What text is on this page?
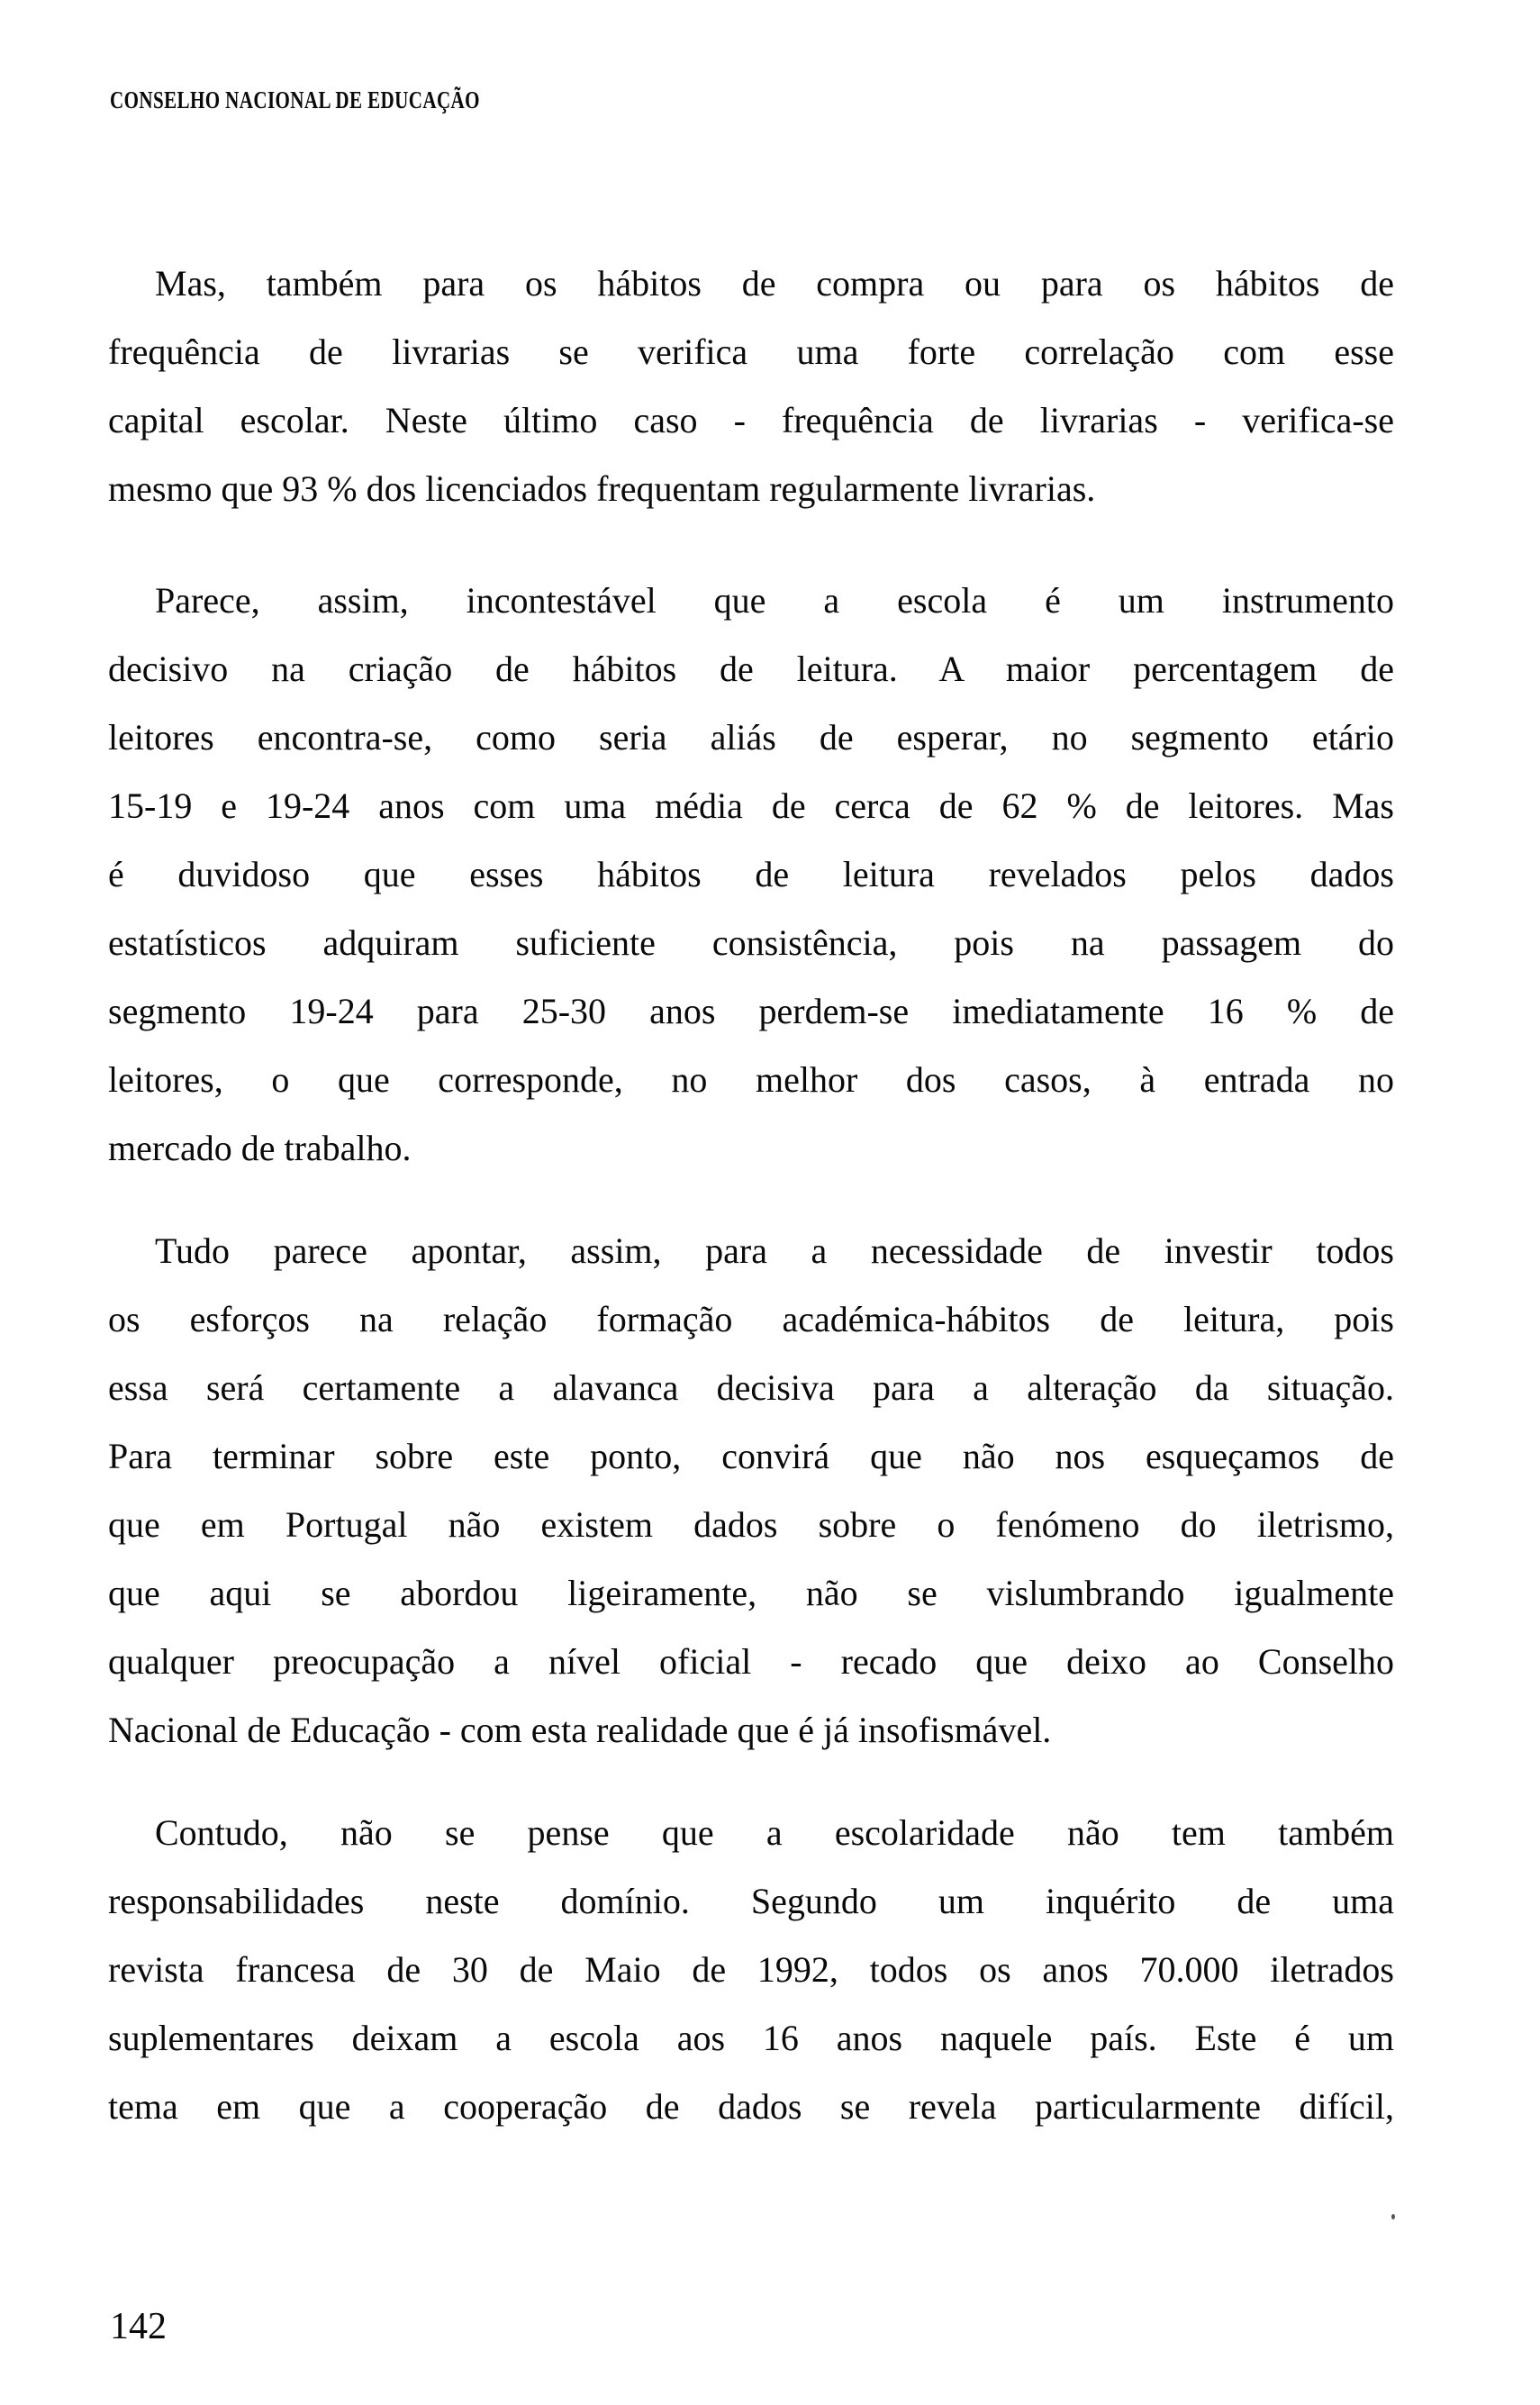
CONSELHO NACIONAL DE EDUCAÇÃO
Mas, também para os hábitos de compra ou para os hábitos de
frequência de livrarias se verifica uma forte correlação com esse
capital escolar. Neste último caso - frequência de livrarias - verifica-se
mesmo que 93 % dos licenciados frequentam regularmente livrarias.
Parece, assim, incontestável que a escola é um instrumento
decisivo na criação de hábitos de leitura. A maior percentagem de
leitores encontra-se, como seria aliás de esperar, no segmento etário
15-19 e 19-24 anos com uma média de cerca de 62 % de leitores. Mas
é duvidoso que esses hábitos de leitura revelados pelos dados
estatísticos adquiram suficiente consistência, pois na passagem do
segmento 19-24 para 25-30 anos perdem-se imediatamente 16 % de
leitores, o que corresponde, no melhor dos casos, à entrada no
mercado de trabalho.
Tudo parece apontar, assim, para a necessidade de investir todos
os esforços na relação formação académica-hábitos de leitura, pois
essa será certamente a alavanca decisiva para a alteração da situação.
Para terminar sobre este ponto, convirá que não nos esqueçamos de
que em Portugal não existem dados sobre o fenómeno do iletrismo,
que aqui se abordou ligeiramente, não se vislumbrando igualmente
qualquer preocupação a nível oficial - recado que deixo ao Conselho
Nacional de Educação - com esta realidade que é já insofismável.
Contudo, não se pense que a escolaridade não tem também
responsabilidades neste domínio. Segundo um inquérito de uma
revista francesa de 30 de Maio de 1992, todos os anos 70.000 iletrados
suplementares deixam a escola aos 16 anos naquele país. Este é um
tema em que a cooperação de dados se revela particularmente difícil,
142
